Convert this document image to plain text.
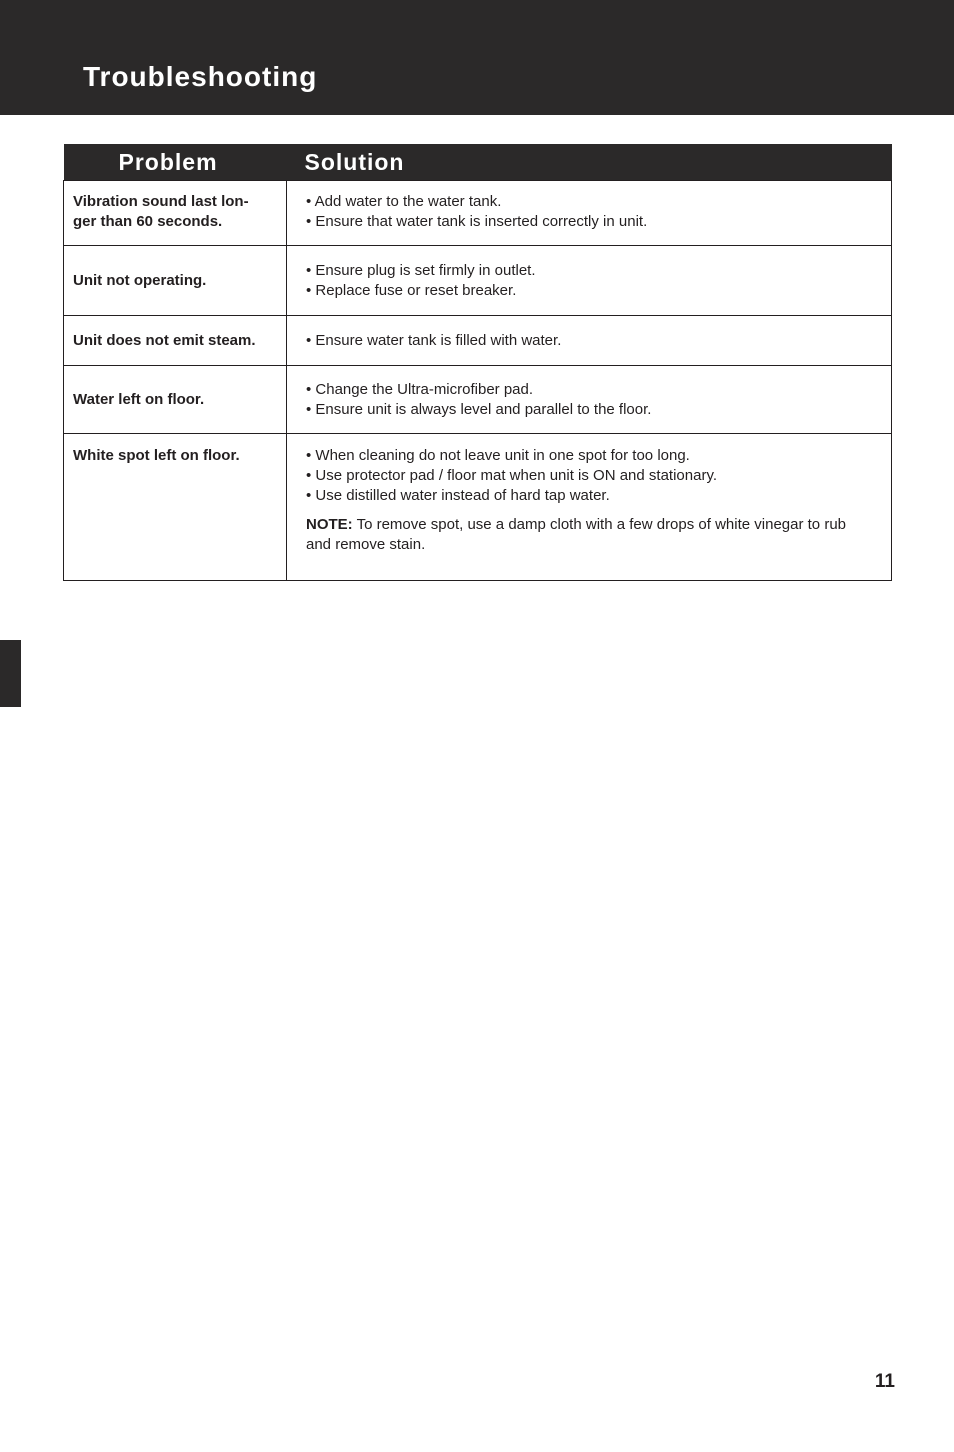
Troubleshooting
Problem	Solution
Vibration sound last lon- ger than 60 seconds.	• Add water to the water tank.
• Ensure that water tank is inserted correctly in unit.

Unit not operating.	• Ensure plug is set firmly in outlet.
• Replace fuse or reset breaker.

Unit does not emit steam.	• Ensure water tank is filled with water.

Water left on floor.	• Change the Ultra-microfiber pad.
• Ensure unit is always level and parallel to the floor.

White spot left on floor.	• When cleaning do not leave unit in one spot for too long.
• Use protector pad / floor mat when unit is ON and stationary.
• Use distilled water instead of hard tap water.
NOTE: To remove spot, use a damp cloth with a few drops of white vinegar to rub and remove stain.
11
